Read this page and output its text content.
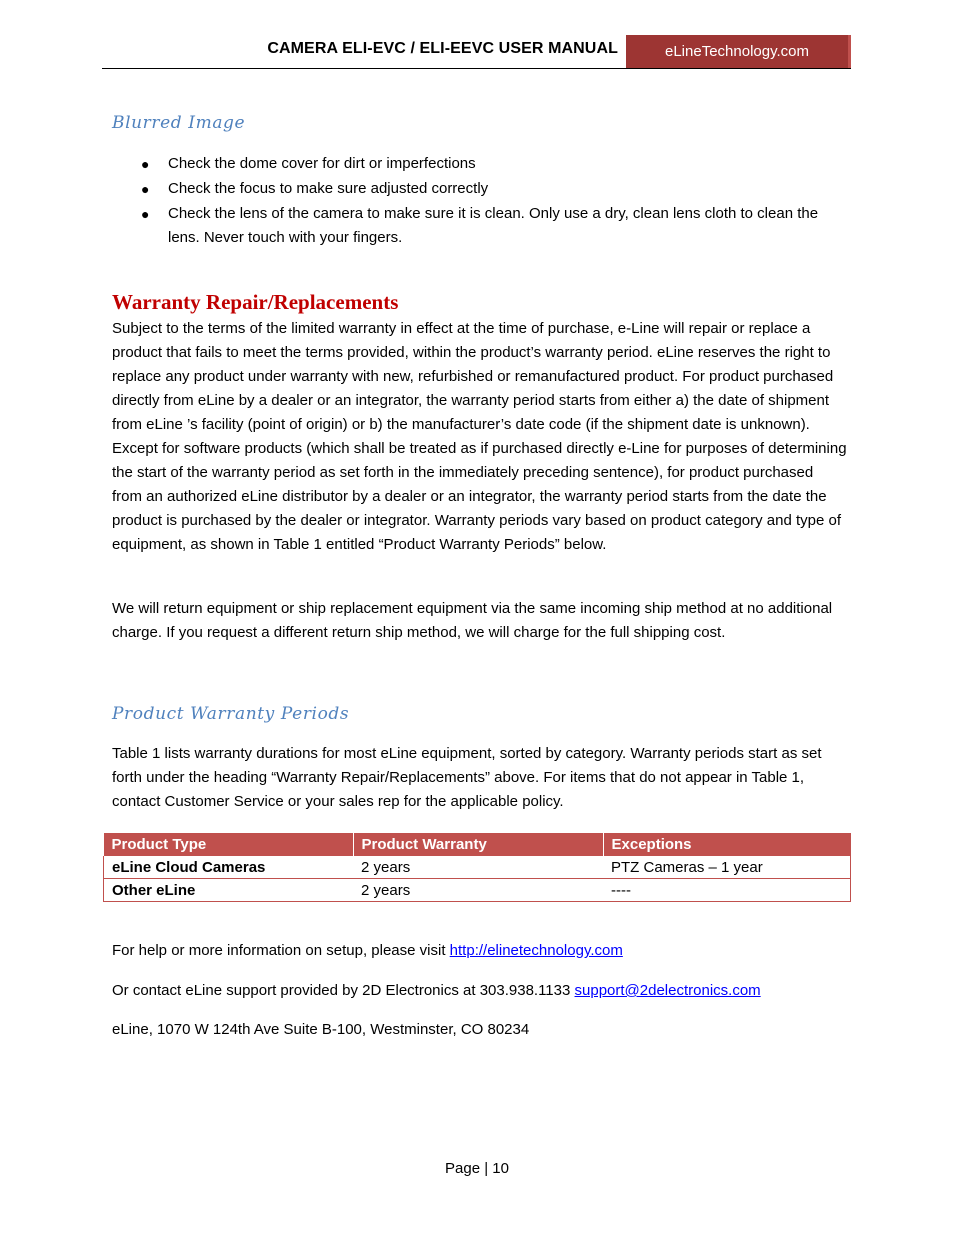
CAMERA ELI-EVC / ELI-EEVC USER MANUAL	eLineTechnology.com
Blurred Image
● Check the dome cover for dirt or imperfections
● Check the focus to make sure adjusted correctly
● Check the lens of the camera to make sure it is clean. Only use a dry, clean lens cloth to clean the lens. Never touch with your fingers.
Warranty Repair/Replacements

Subject to the terms of the limited warranty in effect at the time of purchase, e-Line will repair or replace a product that fails to meet the terms provided, within the product’s warranty period. eLine reserves the right to replace any product under warranty with new, refurbished or remanufactured product. For product purchased directly from eLine by a dealer or an integrator, the warranty period starts from either a) the date of shipment from eLine ’s facility (point of origin) or b) the manufacturer’s date code (if the shipment date is unknown). Except for software products (which shall be treated as if purchased directly e-Line for purposes of determining the start of the warranty period as set forth in the immediately preceding sentence), for product purchased from an authorized eLine distributor by a dealer or an integrator, the warranty period starts from the date the product is purchased by the dealer or integrator. Warranty periods vary based on product category and type of equipment, as shown in Table 1 entitled “Product Warranty Periods” below.

We will return equipment or ship replacement equipment via the same incoming ship method at no additional charge. If you request a different return ship method, we will charge for the full shipping cost.

Product Warranty Periods

Table 1 lists warranty durations for most eLine equipment, sorted by category. Warranty periods start as set forth under the heading “Warranty Repair/Replacements” above. For items that do not appear in Table 1, contact Customer Service or your sales rep for the applicable policy.

Product Type	Product Warranty	Exceptions
eLine Cloud Cameras	2 years	PTZ Cameras – 1 year
Other eLine	2 years	----

For help or more information on setup, please visit http://elinetechnology.com

Or contact eLine support provided by 2D Electronics at 303.938.1133 support@2delectronics.com

eLine, 1070 W 124th Ave Suite B-100, Westminster, CO 80234

Page | 10
